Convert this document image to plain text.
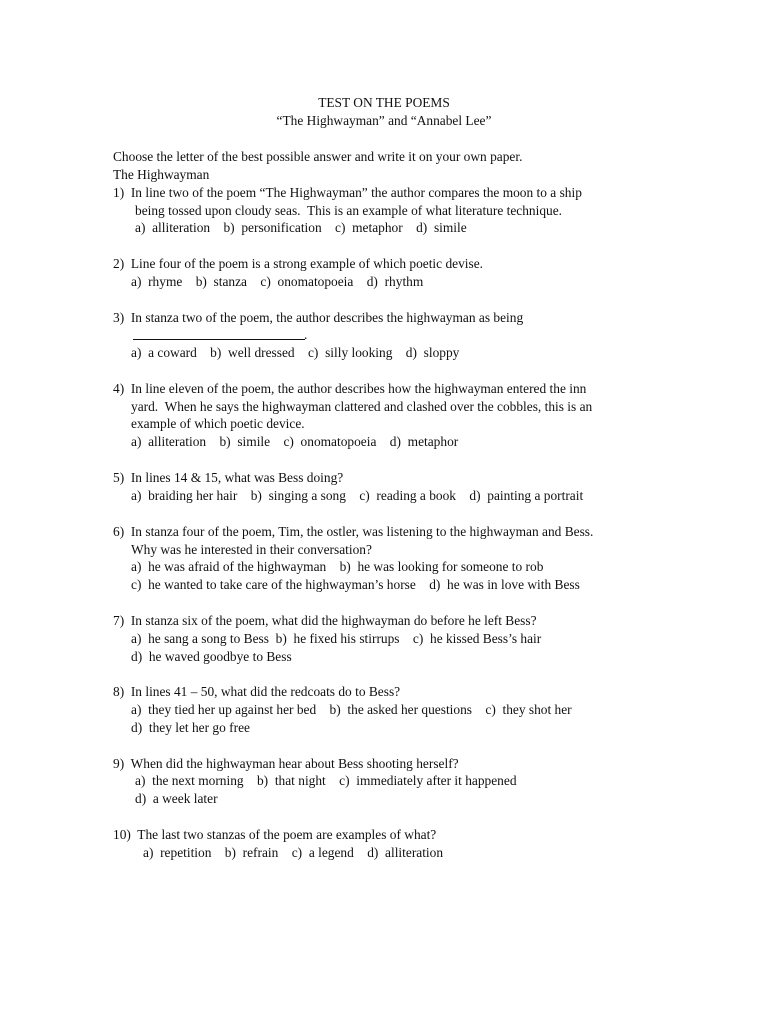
TEST ON THE POEMS
“The Highwayman” and “Annabel Lee”
Choose the letter of the best possible answer and write it on your own paper.
The Highwayman
1)  In line two of the poem “The Highwayman” the author compares the moon to a ship
being tossed upon cloudy seas.  This is an example of what literature technique.
a)  alliteration    b)  personification    c)  metaphor    d)  simile
2)  Line four of the poem is a strong example of which poetic devise.
a)  rhyme    b)  stanza    c)  onomatopoeia    d)  rhythm
3)  In stanza two of the poem, the author describes the highwayman as being
.
a)  a coward    b)  well dressed    c)  silly looking    d)  sloppy
4)  In line eleven of the poem, the author describes how the highwayman entered the inn
yard.  When he says the highwayman clattered and clashed over the cobbles, this is an
example of which poetic device.
a)  alliteration    b)  simile    c)  onomatopoeia    d)  metaphor
5)  In lines 14 & 15, what was Bess doing?
a)  braiding her hair    b)  singing a song    c)  reading a book    d)  painting a portrait
6)  In stanza four of the poem, Tim, the ostler, was listening to the highwayman and Bess.
Why was he interested in their conversation?
a)  he was afraid of the highwayman    b)  he was looking for someone to rob
c)  he wanted to take care of the highwayman’s horse    d)  he was in love with Bess
7)  In stanza six of the poem, what did the highwayman do before he left Bess?
a)  he sang a song to Bess  b)  he fixed his stirrups    c)  he kissed Bess’s hair
d)  he waved goodbye to Bess
8)  In lines 41 – 50, what did the redcoats do to Bess?
a)  they tied her up against her bed    b)  the asked her questions    c)  they shot her
d)  they let her go free
9)  When did the highwayman hear about Bess shooting herself?
a)  the next morning    b)  that night    c)  immediately after it happened
d)  a week later
10)  The last two stanzas of the poem are examples of what?
a)  repetition    b)  refrain    c)  a legend    d)  alliteration
